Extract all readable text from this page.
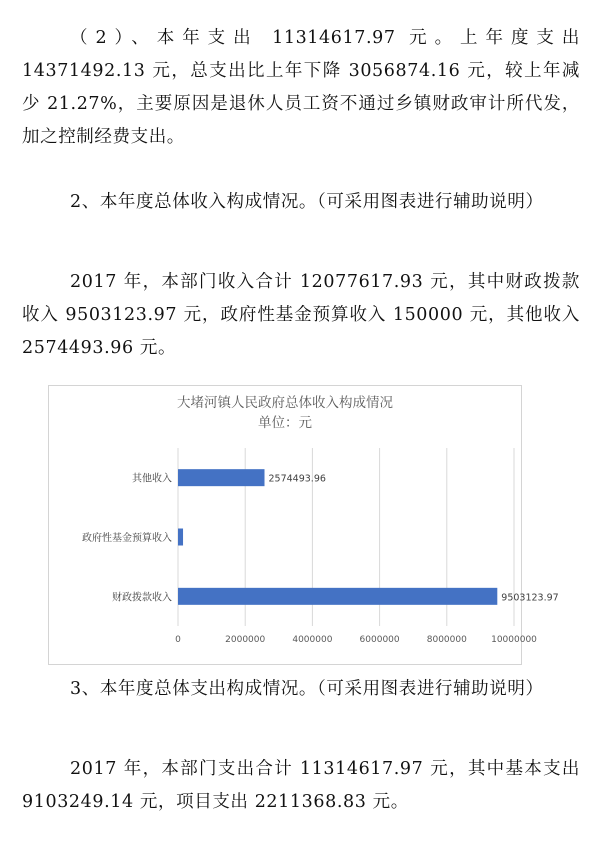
（2）、本年支出 11314617.97 元。上年度支出 14371492.13 元，总支出比上年下降 3056874.16 元，较上年减少 21.27%，主要原因是退休人员工资不通过乡镇财政审计所代发，加之控制经费支出。

2、本年度总体收入构成情况。（可采用图表进行辅助说明）

2017 年，本部门收入合计 12077617.93 元，其中财政拨款收入 9503123.97 元，政府性基金预算收入 150000 元，其他收入 2574493.96 元。

大堵河镇人民政府总体收入构成情况
单位：元
0	2000000	4000000	6000000	8000000	10000000
其他收入	2574493.96
政府性基金预算收入
财政拨款收入	9503123.97

3、本年度总体支出构成情况。（可采用图表进行辅助说明）

2017 年，本部门支出合计 11314617.97 元，其中基本支出 9103249.14 元，项目支出 2211368.83 元。
